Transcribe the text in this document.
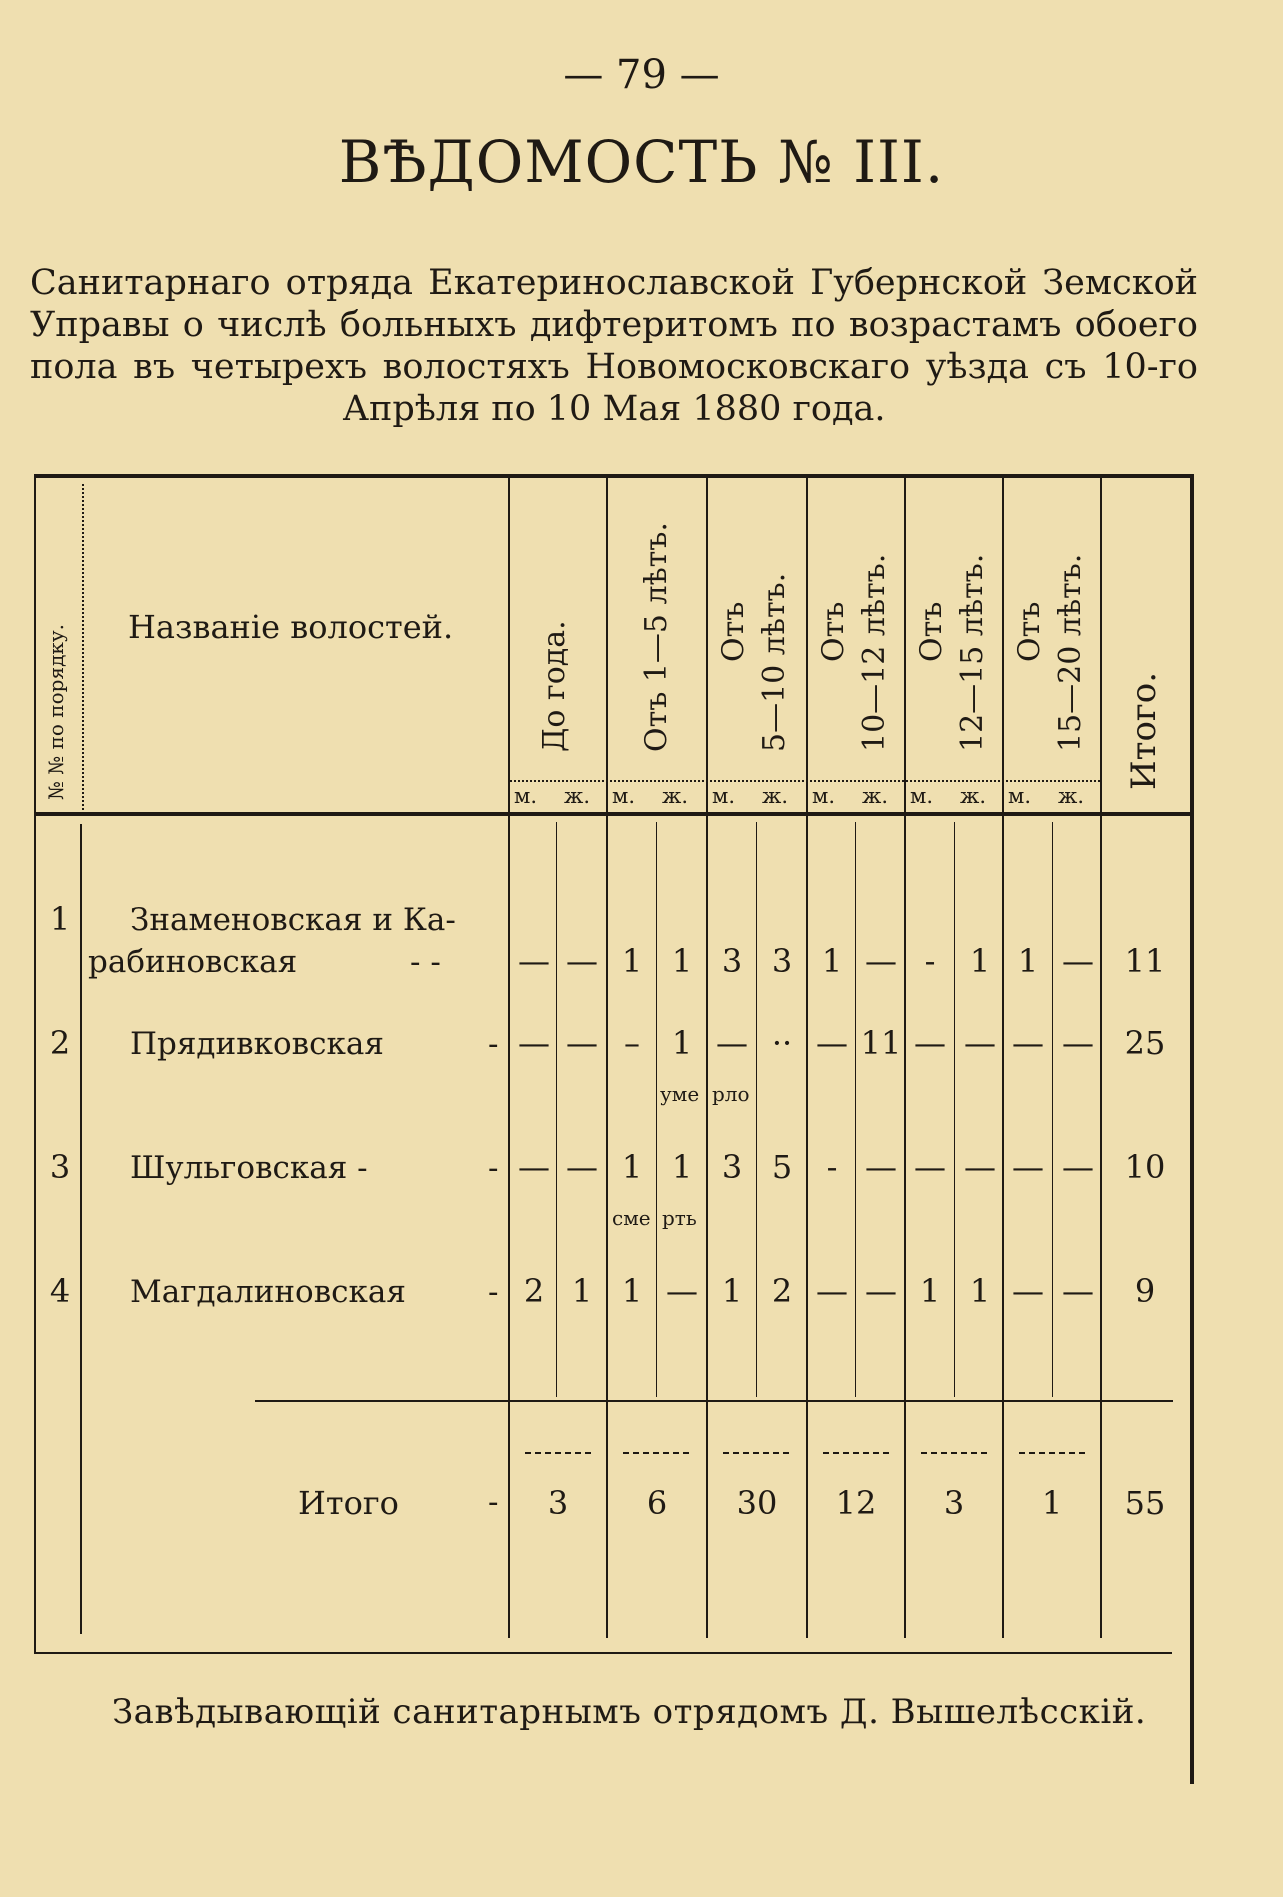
— 79 —
ВѢДОМОСТЬ № III.
Санитарнаго отряда Екатеринославской Губернской Земской
Управы о числѣ больныхъ дифтеритомъ по возрастамъ обоего
пола въ четырехъ волостяхъ Новомосковскаго уѣзда съ 10-го
Апрѣля по 10 Мая 1880 года.
№ № по порядку. Названіе волостей.	До года. Отъ 1—5 лѣтъ. Отъ 5—10 лѣтъ. Отъ 10—12 лѣтъ. Отъ 12—15 лѣтъ. Отъ 15—20 лѣтъ. Итого.
м. ж. м. ж. м. ж. м. ж. м. ж. м. ж.
1	Знаменовская и Ка-
рабиновская	- - — — 1 1 3 3 1 — -	1 1 — 11
2	Прядивковская	- — — – 1 — ·· — 11 — — — — 25
уме рло
3	Шульговская -	- — — 1 1 3 5	- — — — — — 10
сме рть
4	Магдалиновская	- 2 1 1 — 1 2 — — 1 1 — —	9
Итого	-	3	6	30	12	3	1	55
Завѣдывающій санитарнымъ отрядомъ Д. Вышелѣсскій.
